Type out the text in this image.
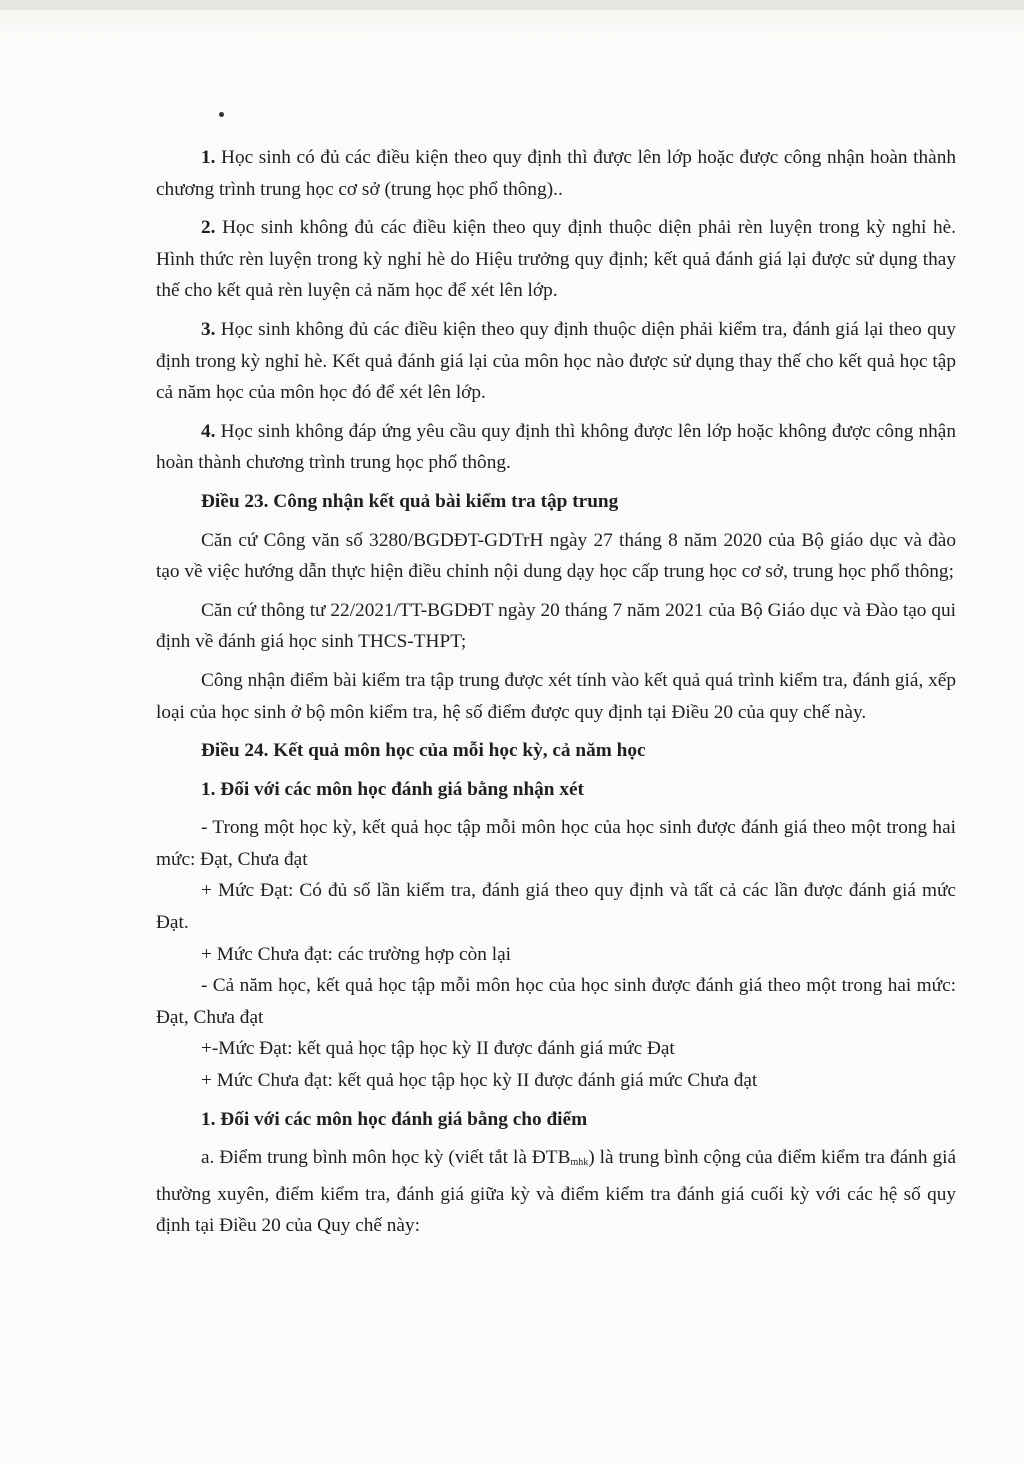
1. Học sinh có đủ các điều kiện theo quy định thì được lên lớp hoặc được công nhận hoàn thành chương trình trung học cơ sở (trung học phổ thông)..

2. Học sinh không đủ các điều kiện theo quy định thuộc diện phải rèn luyện trong kỳ nghỉ hè. Hình thức rèn luyện trong kỳ nghỉ hè do Hiệu trưởng quy định; kết quả đánh giá lại được sử dụng thay thế cho kết quả rèn luyện cả năm học để xét lên lớp.

3. Học sinh không đủ các điều kiện theo quy định thuộc diện phải kiểm tra, đánh giá lại theo quy định trong kỳ nghỉ hè. Kết quả đánh giá lại của môn học nào được sử dụng thay thế cho kết quả học tập cả năm học của môn học đó để xét lên lớp.

4. Học sinh không đáp ứng yêu cầu quy định thì không được lên lớp hoặc không được công nhận hoàn thành chương trình trung học phổ thông.

Điều 23. Công nhận kết quả bài kiểm tra tập trung

Căn cứ Công văn số 3280/BGDĐT-GDTrH ngày 27 tháng 8 năm 2020 của Bộ giáo dục và đào tạo về việc hướng dẫn thực hiện điều chỉnh nội dung dạy học cấp trung học cơ sở, trung học phổ thông;

Căn cứ thông tư 22/2021/TT-BGDĐT ngày 20 tháng 7 năm 2021 của Bộ Giáo dục và Đào tạo qui định về đánh giá học sinh THCS-THPT;

Công nhận điểm bài kiểm tra tập trung được xét tính vào kết quả quá trình kiểm tra, đánh giá, xếp loại của học sinh ở bộ môn kiểm tra, hệ số điểm được quy định tại Điều 20 của quy chế này.

Điều 24. Kết quả môn học của mỗi học kỳ, cả năm học

1. Đối với các môn học đánh giá bằng nhận xét

- Trong một học kỳ, kết quả học tập mỗi môn học của học sinh được đánh giá theo một trong hai mức: Đạt, Chưa đạt

+ Mức Đạt: Có đủ số lần kiểm tra, đánh giá theo quy định và tất cả các lần được đánh giá mức Đạt.

+ Mức Chưa đạt: các trường hợp còn lại

- Cả năm học, kết quả học tập mỗi môn học của học sinh được đánh giá theo một trong hai mức: Đạt, Chưa đạt

+-Mức Đạt: kết quả học tập học kỳ II được đánh giá mức Đạt

+ Mức Chưa đạt: kết quả học tập học kỳ II được đánh giá mức Chưa đạt

1. Đối với các môn học đánh giá bằng cho điểm

a. Điểm trung bình môn học kỳ (viết tắt là $ĐTB_{mhk}$) là trung bình cộng của điểm kiểm tra đánh giá thường xuyên, điểm kiểm tra, đánh giá giữa kỳ và điểm kiểm tra đánh giá cuối kỳ với các hệ số quy định tại Điều 20 của Quy chế này:
